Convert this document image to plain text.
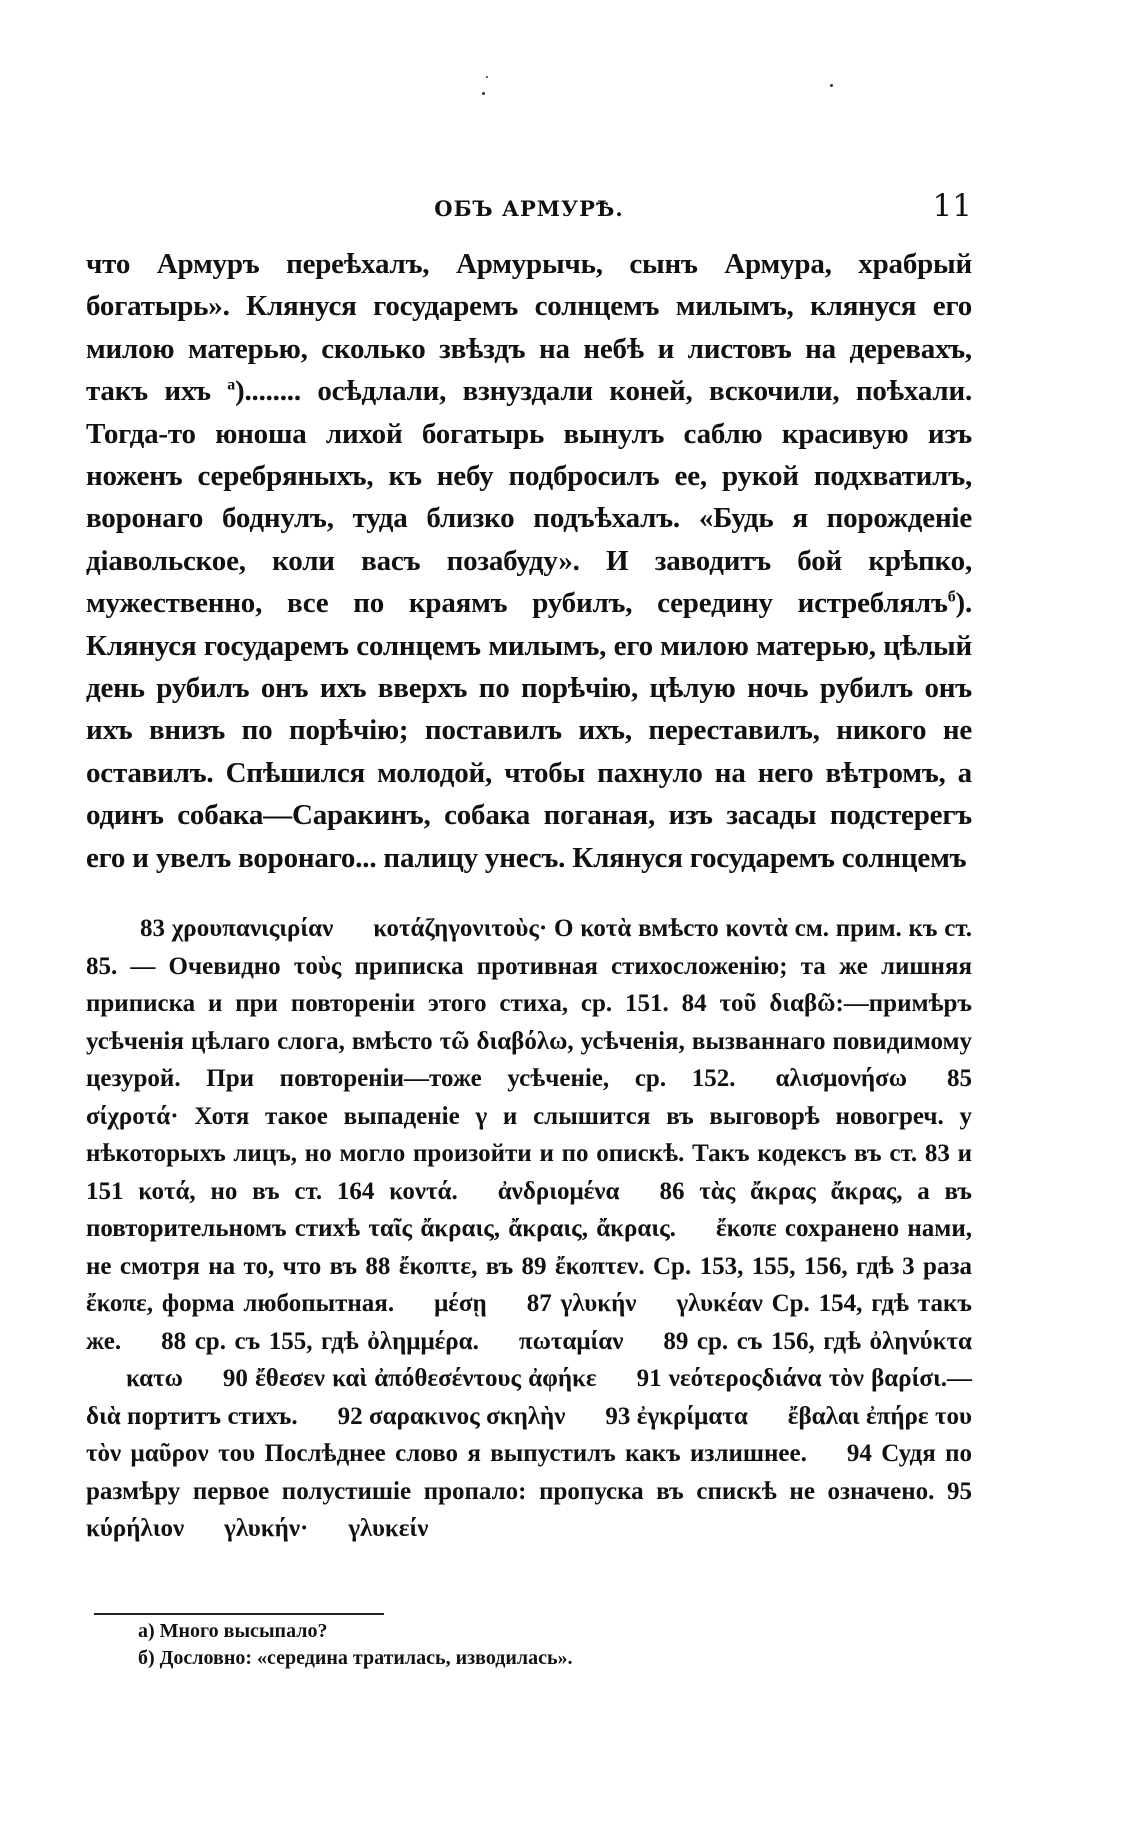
ОБЪ АРМУРѢ.	11

что Армуръ переѣхалъ, Армурычь, сынъ Армура, храбрый богатырь». Клянуся государемъ солнцемъ милымъ, клянуся его милою матерью, сколько звѣздъ на небѣ и листовъ на деревахъ, такъ ихъ $^a$)........ осѣдлали, взнуздали коней, вскочили, поѣхали. Тогда-то юноша лихой богатырь вынулъ саблю красивую изъ ноженъ серебряныхъ, къ небу подбросилъ ее, рукой подхватилъ, воронаго боднулъ, туда близко подъѣхалъ. «Будь я порожденіе діавольское, коли васъ позабуду». И заводитъ бой крѣпко, мужественно, все по краямъ рубилъ, середину истреблялъ$^б$). Клянуся государемъ солнцемъ милымъ, его милою матерью, цѣлый день рубилъ онъ ихъ вверхъ по порѣчію, цѣлую ночь рубилъ онъ ихъ внизъ по порѣчію; поставилъ ихъ, переставилъ, никого не оставилъ. Спѣшился молодой, чтобы пахнуло на него вѣтромъ, а одинъ собака—Саракинъ, собака поганая, изъ засады подстерегъ его и увелъ воронаго... палицу унесъ. Клянуся государемъ солнцемъ

83 χρουπανιςιρίαν κοτάζηγονιτοὺς· О κοτὰ вмѣсто κοντὰ см. прим. къ ст. 85. — Очевидно τοὺς приписка противная стихосложенію; та же лишняя приписка и при повтореніи этого стиха, ср. 151. 84 τοῦ διαβῶ:—примѣръ усѣченія цѣлаго слога, вмѣсто τῶ διαβόλω, усѣченія, вызваннаго повидимому цезурой. При повтореніи—тоже усѣченіе, ср. 152. αλισμονήσω 85 σίχροτά· Хотя такое выпаденіе γ и слышится въ выговорѣ новогреч. у нѣкоторыхъ лицъ, но могло произойти и по опискѣ. Такъ кодексъ въ ст. 83 и 151 κοτά, но въ ст. 164 κοντά. ἀνδριομένα 86 τὰς ἄκρας ἄκρας, а въ повторительномъ стихѣ ταῖς ἄκραις, ἄκραις, ἄκραις. ἔκοπε сохранено нами, не смотря на то, что въ 88 ἔκοπτε, въ 89 ἔκοπτεν. Ср. 153, 155, 156, гдѣ 3 раза ἔκοπε, форма любопытная. μέσῃ 87 γλυκήν γλυκέαν Ср. 154, гдѣ такъ же. 88 ср. съ 155, гдѣ ὀλημμέρα. πωταμίαν 89 ср. съ 156, гдѣ ὀληνύκτακατω 90 ἔθεσεν καὶ ἀπόθεσέντους ἀφήκε 91 νεότεροςδιάνα τὸν βαρίσι.—διὰ портитъ стихъ. 92 σαρακινος σκηλὴν 93 ἐγκρίματα ἔβαλαι ἐπήρε του τὸν μαῦρον του Послѣднее слово я выпустилъ какъ излишнее. 94 Судя по размѣру первое полустишіе пропало: пропуска въ спискѣ не означено. 95 κύρήλιον γλυκήν· γλυκείν

а) Много высыпало?

б) Дословно: «середина тратилась, изводилась».
